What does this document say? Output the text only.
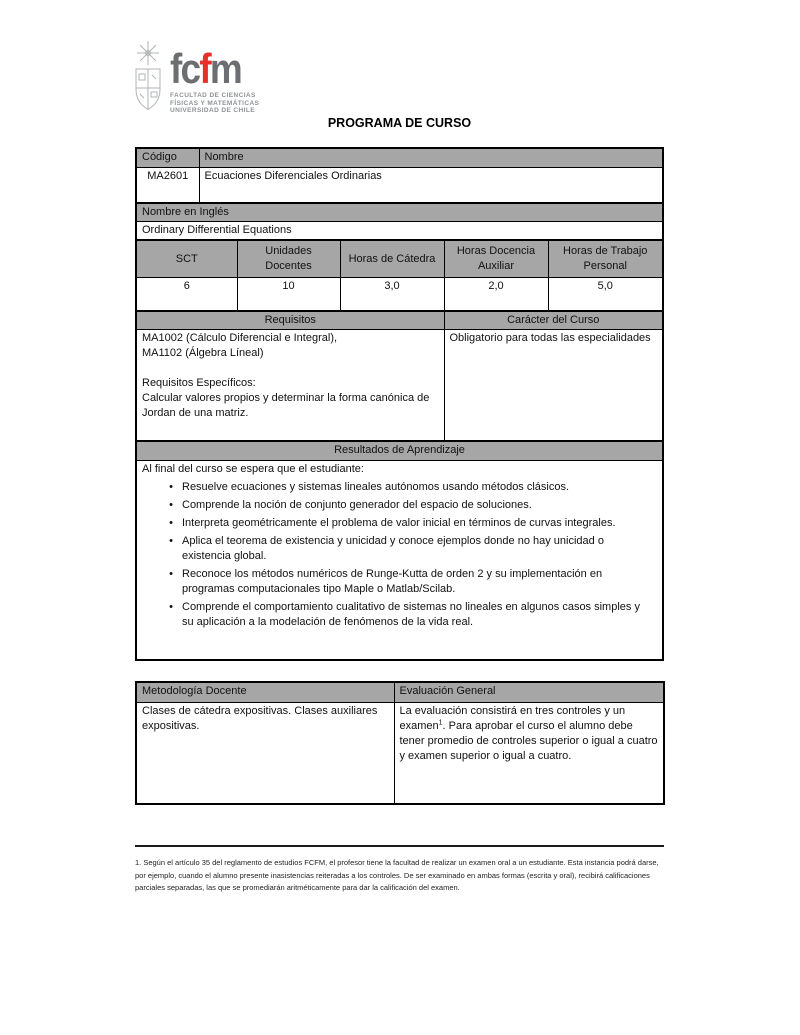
fcfm
FACULTAD DE CIENCIAS
FÍSICAS Y MATEMÁTICAS
UNIVERSIDAD DE CHILE
PROGRAMA DE CURSO
Código	Nombre				
MA2601	Ecuaciones Diferenciales Ordinarias				
Nombre en Inglés					
Ordinary Differential Equations					
SCT		Unidades Docentes	Horas de Cátedra	Horas Docencia Auxiliar	Horas de Trabajo Personal
6		10	3,0	2,0	5,0
Requisitos				Carácter del Curso	

MA1002 (Cálculo Diferencial e Integral),
MA1102 (Álgebra Líneal)
Requisitos Específicos:
Calcular valores propios y determinar la forma canónica de Jordan de una matriz.				Obligatorio para todas las especialidades	
Resultados de Aprendizaje					

Al final del curso se espera que el estudiante:
• Resuelve ecuaciones y sistemas lineales autónomos usando métodos clásicos.
• Comprende la noción de conjunto generador del espacio de soluciones.
• Interpreta geométricamente el problema de valor inicial en términos de curvas integrales.
• Aplica el teorema de existencia y unicidad y conoce ejemplos donde no hay unicidad o existencia global.
• Reconoce los métodos numéricos de Runge-Kutta de orden 2 y su implementación en programas computacionales tipo Maple o Matlab/Scilab.
• Comprende el comportamiento cualitativo de sistemas no lineales en algunos casos simples y su aplicación a la modelación de fenómenos de la vida real.
Metodología Docente	Evaluación General
Clases de cátedra expositivas. Clases auxiliares expositivas.	La evaluación consistirá en tres controles y un examen$^1$. Para aprobar el curso el alumno debe tener promedio de controles superior o igual a cuatro y examen superior o igual a cuatro.
1. Según el artículo 35 del reglamento de estudios FCFM, el profesor tiene la facultad de realizar un examen oral a un estudiante. Esta instancia podrá darse, por ejemplo, cuando el alumno presente inasistencias reiteradas a los controles. De ser examinado en ambas formas (escrita y oral), recibirá calificaciones parciales separadas, las que se promediarán aritméticamente para dar la calificación del examen.
